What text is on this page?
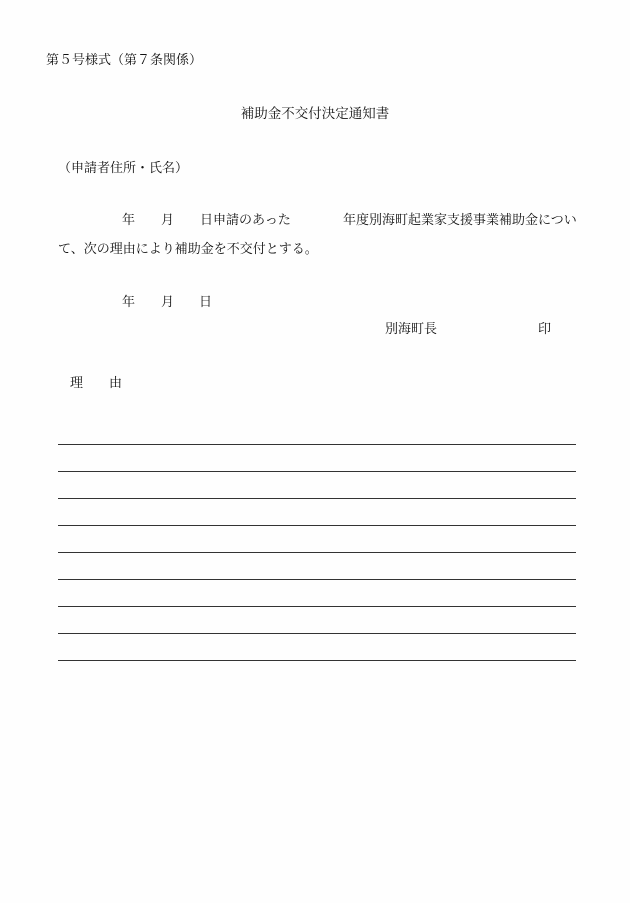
第５号様式（第７条関係）
補助金不交付決定通知書
（申請者住所・氏名）
年 月 日申請のあった	年度別海町起業家支援事業補助金につい
て、次の理由により補助金を不交付とする。
年 月 日
別海町長	印
理 由
